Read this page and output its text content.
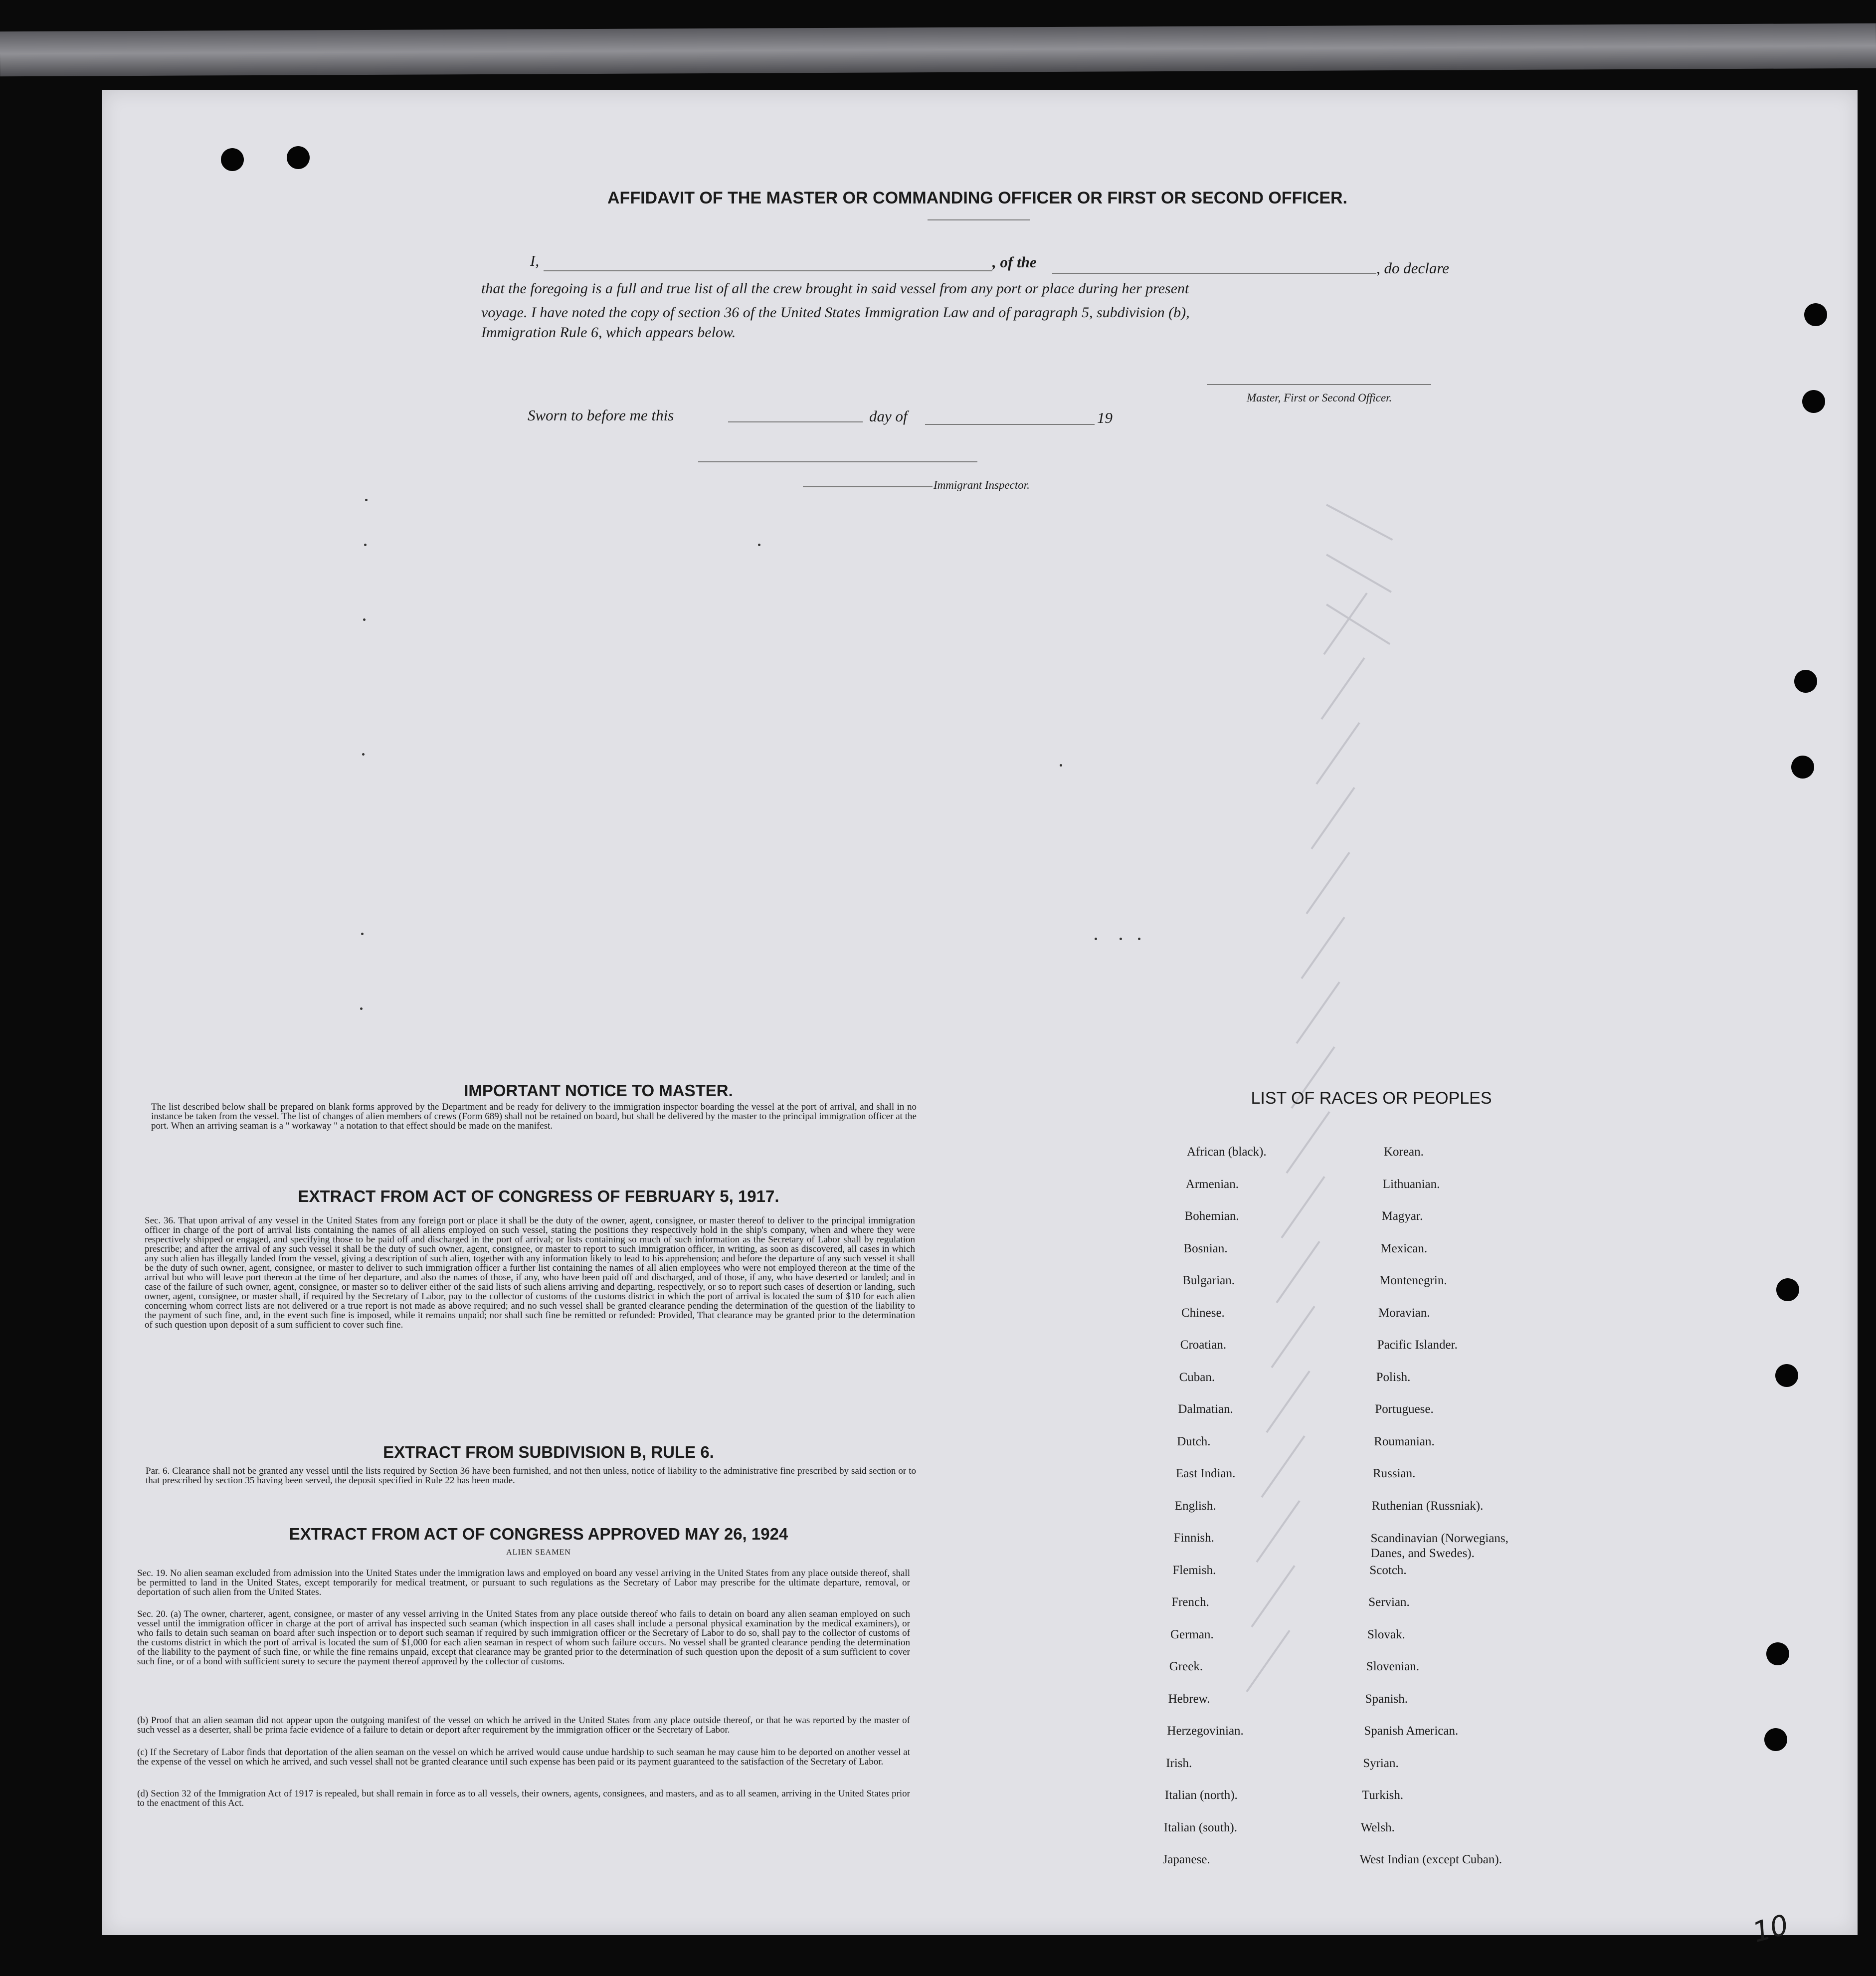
AFFIDAVIT OF THE MASTER OR COMMANDING OFFICER OR FIRST OR SECOND OFFICER.
I,	, of the	, do declare
that the foregoing is a full and true list of all the crew brought in said vessel from any port or place during her present
voyage. I have noted the copy of section 36 of the United States Immigration Law and of paragraph 5, subdivision (b),
Immigration Rule 6, which appears below.
Master, First or Second Officer.
Sworn to before me this	day of	19
Immigrant Inspector.
IMPORTANT NOTICE TO MASTER.
The list described below shall be prepared on blank forms approved by the Department and be ready for delivery to the immigration inspector boarding the vessel at the port of arrival, and shall in no instance be taken from the vessel. The list of changes of alien members of crews (Form 689) shall not be retained on board, but shall be delivered by the master to the principal immigration officer at the port. When an arriving seaman is a " workaway " a notation to that effect should be made on the manifest.
EXTRACT FROM ACT OF CONGRESS OF FEBRUARY 5, 1917.
Sec. 36. That upon arrival of any vessel in the United States from any foreign port or place it shall be the duty of the owner, agent, consignee, or master thereof to deliver to the principal immigration officer in charge of the port of arrival lists containing the names of all aliens employed on such vessel, stating the positions they respectively hold in the ship's company, when and where they were respectively shipped or engaged, and specifying those to be paid off and discharged in the port of arrival; or lists containing so much of such information as the Secretary of Labor shall by regulation prescribe; and after the arrival of any such vessel it shall be the duty of such owner, agent, consignee, or master to report to such immigration officer, in writing, as soon as discovered, all cases in which any such alien has illegally landed from the vessel, giving a description of such alien, together with any information likely to lead to his apprehension; and before the departure of any such vessel it shall be the duty of such owner, agent, consignee, or master to deliver to such immigration officer a further list containing the names of all alien employees who were not employed thereon at the time of the arrival but who will leave port thereon at the time of her departure, and also the names of those, if any, who have been paid off and discharged, and of those, if any, who have deserted or landed; and in case of the failure of such owner, agent, consignee, or master so to deliver either of the said lists of such aliens arriving and departing, respectively, or so to report such cases of desertion or landing, such owner, agent, consignee, or master shall, if required by the Secretary of Labor, pay to the collector of customs of the customs district in which the port of arrival is located the sum of $10 for each alien concerning whom correct lists are not delivered or a true report is not made as above required; and no such vessel shall be granted clearance pending the determination of the question of the liability to the payment of such fine, and, in the event such fine is imposed, while it remains unpaid; nor shall such fine be remitted or refunded: Provided, That clearance may be granted prior to the determination of such question upon deposit of a sum sufficient to cover such fine.
EXTRACT FROM SUBDIVISION B, RULE 6.
Par. 6. Clearance shall not be granted any vessel until the lists required by Section 36 have been furnished, and not then unless, notice of liability to the administrative fine prescribed by said section or to that prescribed by section 35 having been served, the deposit specified in Rule 22 has been made.
EXTRACT FROM ACT OF CONGRESS APPROVED MAY 26, 1924
ALIEN SEAMEN
Sec. 19. No alien seaman excluded from admission into the United States under the immigration laws and employed on board any vessel arriving in the United States from any place outside thereof, shall be permitted to land in the United States, except temporarily for medical treatment, or pursuant to such regulations as the Secretary of Labor may prescribe for the ultimate departure, removal, or deportation of such alien from the United States.
Sec. 20. (a) The owner, charterer, agent, consignee, or master of any vessel arriving in the United States from any place outside thereof who fails to detain on board any alien seaman employed on such vessel until the immigration officer in charge at the port of arrival has inspected such seaman (which inspection in all cases shall include a personal physical examination by the medical examiners), or who fails to detain such seaman on board after such inspection or to deport such seaman if required by such immigration officer or the Secretary of Labor to do so, shall pay to the collector of customs of the customs district in which the port of arrival is located the sum of $1,000 for each alien seaman in respect of whom such failure occurs. No vessel shall be granted clearance pending the determination of the liability to the payment of such fine, or while the fine remains unpaid, except that clearance may be granted prior to the determination of such question upon the deposit of a sum sufficient to cover such fine, or of a bond with sufficient surety to secure the payment thereof approved by the collector of customs.
(b) Proof that an alien seaman did not appear upon the outgoing manifest of the vessel on which he arrived in the United States from any place outside thereof, or that he was reported by the master of such vessel as a deserter, shall be prima facie evidence of a failure to detain or deport after requirement by the immigration officer or the Secretary of Labor.
(c) If the Secretary of Labor finds that deportation of the alien seaman on the vessel on which he arrived would cause undue hardship to such seaman he may cause him to be deported on another vessel at the expense of the vessel on which he arrived, and such vessel shall not be granted clearance until such expense has been paid or its payment guaranteed to the satisfaction of the Secretary of Labor.
(d) Section 32 of the Immigration Act of 1917 is repealed, but shall remain in force as to all vessels, their owners, agents, consignees, and masters, and as to all seamen, arriving in the United States prior to the enactment of this Act.
LIST OF RACES OR PEOPLES
African (black).
Armenian.
Bohemian.
Bosnian.
Bulgarian.
Chinese.
Croatian.
Cuban.
Dalmatian.
Dutch.
East Indian.
English.
Finnish.
Flemish.
French.
German.
Greek.
Hebrew.
Herzegovinian.
Irish.
Italian (north).
Italian (south).
Japanese.
Korean.
Lithuanian.
Magyar.
Mexican.
Montenegrin.
Moravian.
Pacific Islander.
Polish.
Portuguese.
Roumanian.
Russian.
Ruthenian (Russniak).
Scandinavian (Norwegians, Danes, and Swedes).
Scotch.
Servian.
Slovak.
Slovenian.
Spanish.
Spanish American.
Syrian.
Turkish.
Welsh.
West Indian (except Cuban).
10
